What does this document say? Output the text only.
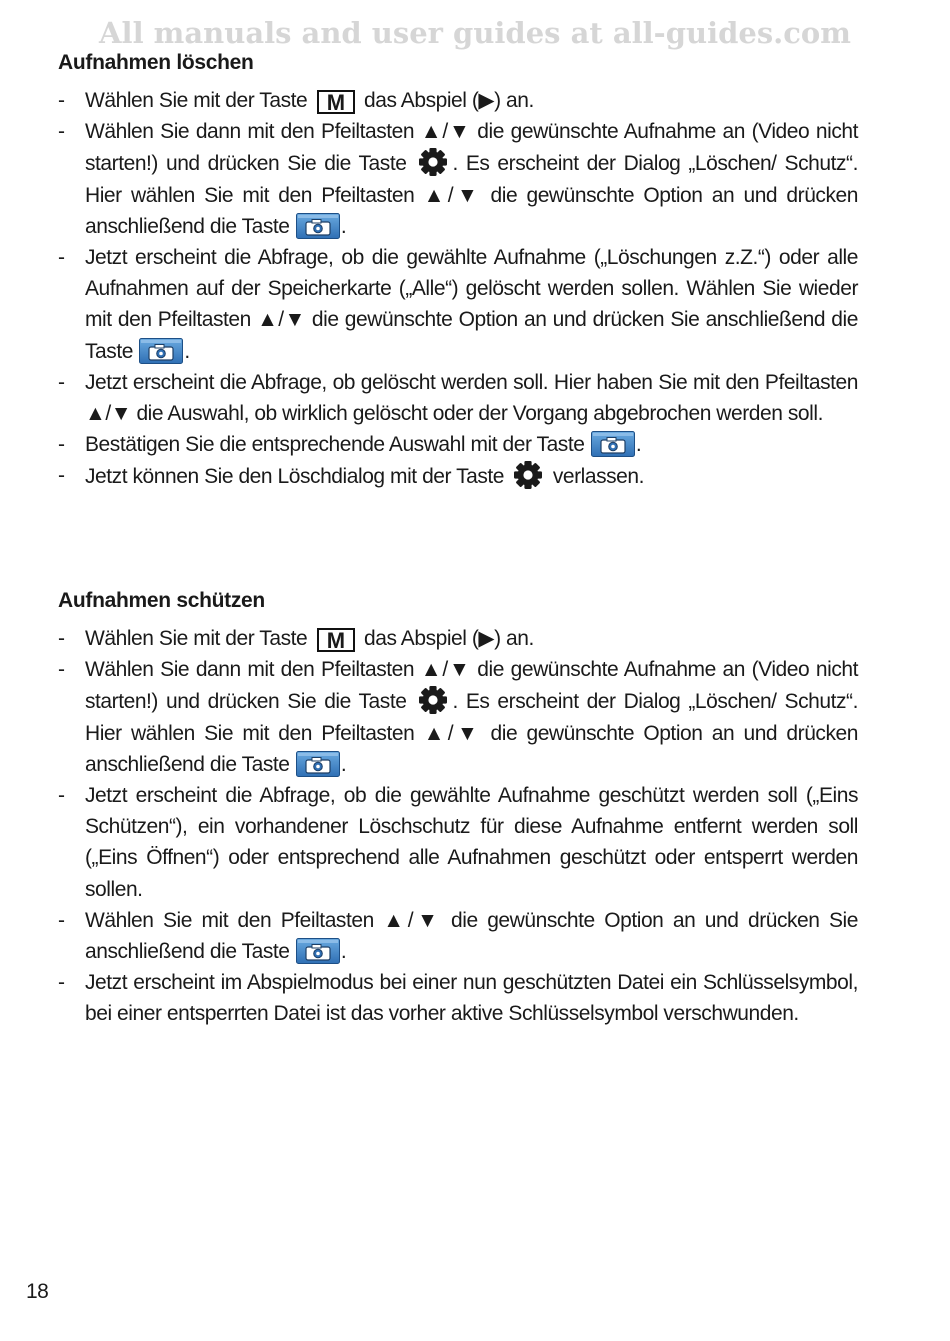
All manuals and user guides at all-guides.com
Aufnahmen löschen
- Wählen Sie mit der Taste M das Abspiel (▶) an.
- Wählen Sie dann mit den Pfeiltasten ▲/▼ die gewünschte Aufnahme an (Video nicht starten!) und drücken Sie die Taste . Es erscheint der Dialog „Löschen/ Schutz“. Hier wählen Sie mit den Pfeiltasten ▲/▼ die gewünschte Option an und drücken anschließend die Taste .
- Jetzt erscheint die Abfrage, ob die gewählte Aufnahme („Löschungen z.Z.“) oder alle Aufnahmen auf der Speicherkarte („Alle“) gelöscht werden sollen. Wählen Sie wieder mit den Pfeiltasten ▲/▼ die gewünschte Option an und drücken Sie anschließend die Taste .
- Jetzt erscheint die Abfrage, ob gelöscht werden soll. Hier haben Sie mit den Pfeiltasten ▲/▼ die Auswahl, ob wirklich gelöscht oder der Vorgang abgebrochen werden soll.
- Bestätigen Sie die entsprechende Auswahl mit der Taste .
- Jetzt können Sie den Löschdialog mit der Taste verlassen.
Aufnahmen schützen
- Wählen Sie mit der Taste M das Abspiel (▶) an.
- Wählen Sie dann mit den Pfeiltasten ▲/▼ die gewünschte Aufnahme an (Video nicht starten!) und drücken Sie die Taste . Es erscheint der Dialog „Löschen/ Schutz“. Hier wählen Sie mit den Pfeiltasten ▲/▼ die gewünschte Option an und drücken anschließend die Taste .
- Jetzt erscheint die Abfrage, ob die gewählte Aufnahme geschützt werden soll („Eins Schützen“), ein vorhandener Löschschutz für diese Aufnahme entfernt werden soll („Eins Öffnen“) oder entsprechend alle Aufnahmen geschützt oder entsperrt werden sollen.
- Wählen Sie mit den Pfeiltasten ▲/▼ die gewünschte Option an und drücken Sie anschließend die Taste .
- Jetzt erscheint im Abspielmodus bei einer nun geschützten Datei ein Schlüsselsymbol, bei einer entsperrten Datei ist das vorher aktive Schlüsselsymbol verschwunden.
18
